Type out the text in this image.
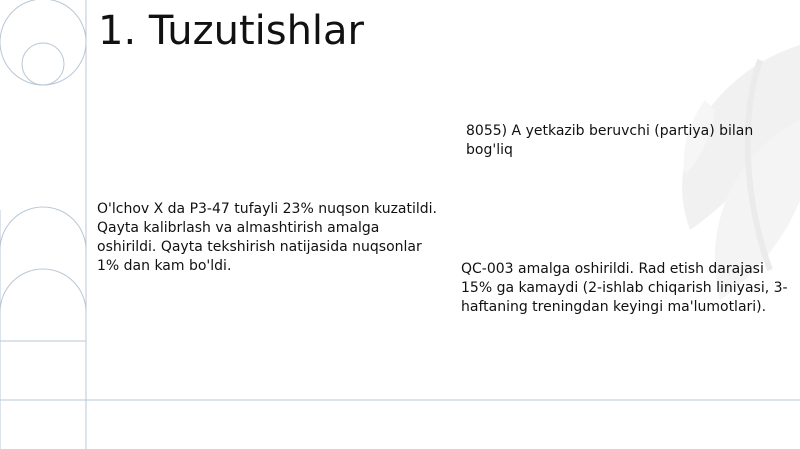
1. Tuzutishlar

O'lchov X da P3-47 tufayli 23% nuqson kuzatildi. Qayta kalibrlash va almashtirish amalga oshirildi. Qayta tekshirish natijasida nuqsonlar 1% dan kam bo'ldi.

8055) A yetkazib beruvchi (partiya) bilan bog'liq

QC-003 amalga oshirildi. Rad etish darajasi 15% ga kamaydi (2-ishlab chiqarish liniyasi, 3-haftaning treningdan keyingi ma'lumotlari).
